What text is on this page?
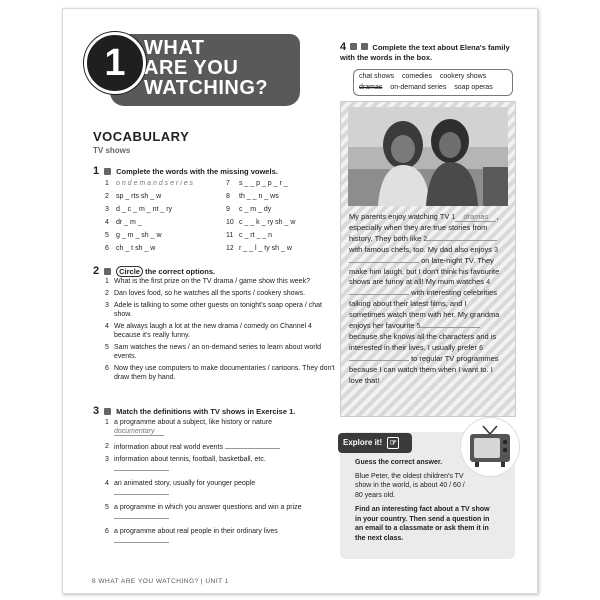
1 WHAT
ARE YOU
WATCHING?
VOCABULARY
TV shows
1 Complete the words with the missing vowels.
1 o n d e m a n d s e r i e s
2 sp _ rts sh _ w
3 d _ c _ m _ nt _ ry
4 dr _ m _
5 g _ m _ sh _ w
6 ch _ t sh _ w
7 s _ _ p _ p _ r _
8 th _ _ n _ ws
9 c _ m _ dy
10 c _ _ k _ ry sh _ w
11 c _ rt _ _ n
12 r _ _ l _ ty sh _ w
2	Circle the correct options.
1 What is the first prize on the TV drama / game show this week?
2 Dan loves food, so he watches all the sports / cookery shows.
3 Adele is talking to some other guests on tonight's soap opera / chat show.
4 We always laugh a lot at the new drama / comedy on Channel 4 because it's really funny.
5 Sam watches the news / an on-demand series to learn about world events.
6 Now they use computers to make documentaries / cartoons. They don't draw them by hand.
3 Match the definitions with TV shows in Exercise 1.
1 a programme about a subject, like history or nature
documentary
2 information about real world events
3 information about tennis, football, basketball, etc.

4 an animated story, usually for younger people

5 a programme in which you answer questions and win a prize

6 a programme about real people in their ordinary lives

8 WHAT ARE YOU WATCHING? | UNIT 1
4	Complete the text about Elena's family with the words in the box.
chat shows comedies cookery shows
dramas on-demand series soap operas
My parents enjoy watching TV 1 dramas , especially when they are true stories from history. They both like 2 with famous chefs, too. My dad also enjoys 3 on late-night TV. They make him laugh, but I don't think his favourite shows are funny at all! My mum watches 4 with interesting celebrities talking about their latest films, and I sometimes watch them with her. My grandma enjoys her favourite 5 because she knows all the characters and is interested in their lives. I usually prefer 6 to regular TV programmes because I can watch them when I want to. I love that!
Explore it! ☞
Guess the correct answer.
Blue Peter, the oldest children's TV show in the world, is about 40 / 60 / 80 years old.
Find an interesting fact about a TV show in your country. Then send a question in an email to a classmate or ask them it in the next class.
